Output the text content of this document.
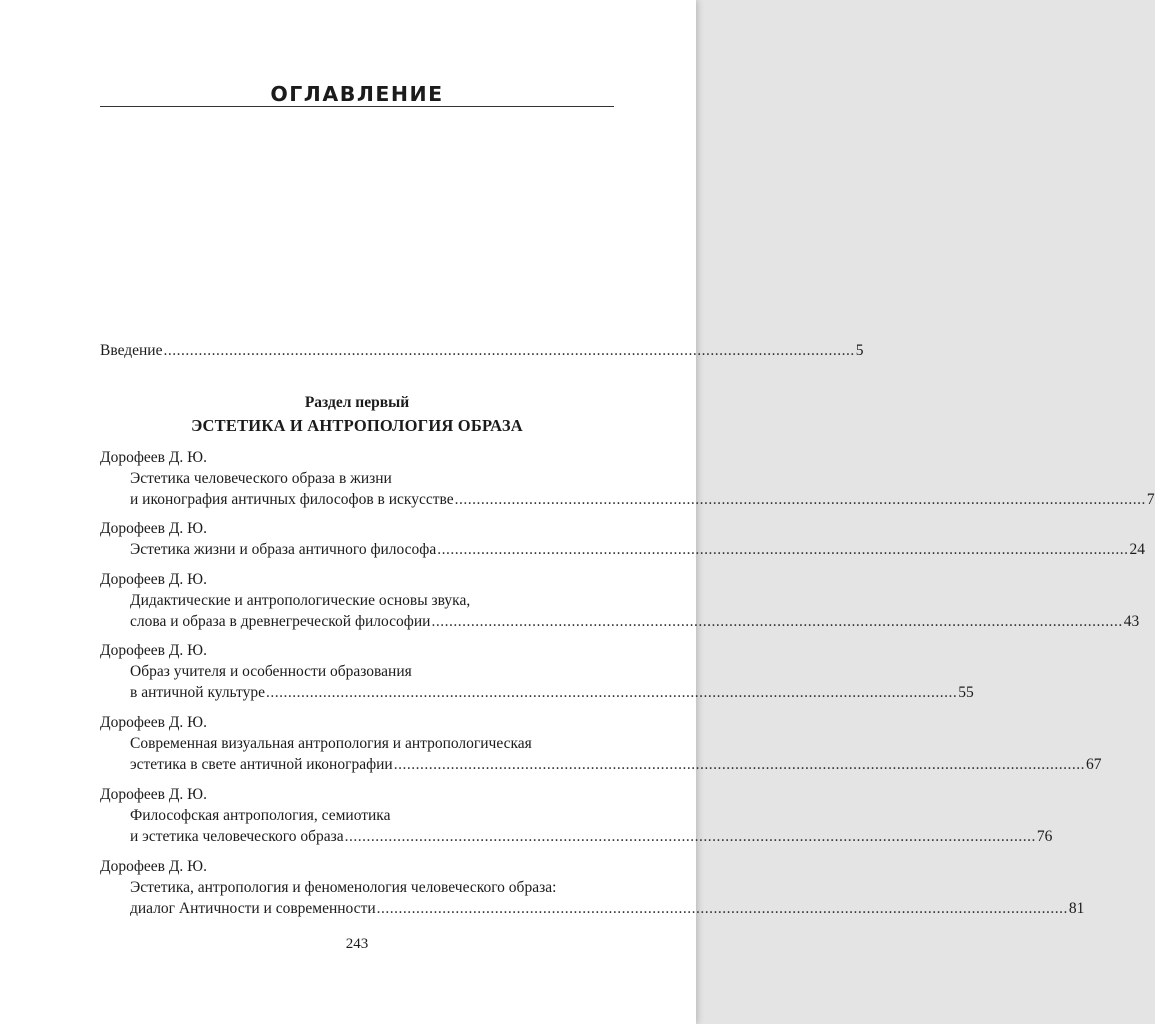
ОГЛАВЛЕНИЕ
Введение .............................................................................................................................................................. 5
Раздел первый
ЭСТЕТИКА И АНТРОПОЛОГИЯ ОБРАЗА
Дорофеев Д. Ю.
Эстетика человеческого образа в жизни
и иконография античных философов в искусстве .............................................................................................................................................................. 7
Дорофеев Д. Ю.
Эстетика жизни и образа античного философа .............................................................................................................................................................. 24
Дорофеев Д. Ю.
Дидактические и антропологические основы звука,
слова и образа в древнегреческой философии .............................................................................................................................................................. 43
Дорофеев Д. Ю.
Образ учителя и особенности образования
в античной культуре .............................................................................................................................................................. 55
Дорофеев Д. Ю.
Современная визуальная антропология и антропологическая
эстетика в свете античной иконографии .............................................................................................................................................................. 67
Дорофеев Д. Ю.
Философская антропология, семиотика
и эстетика человеческого образа .............................................................................................................................................................. 76
Дорофеев Д. Ю.
Эстетика, антропология и феноменология человеческого образа:
диалог Античности и современности .............................................................................................................................................................. 81
243
